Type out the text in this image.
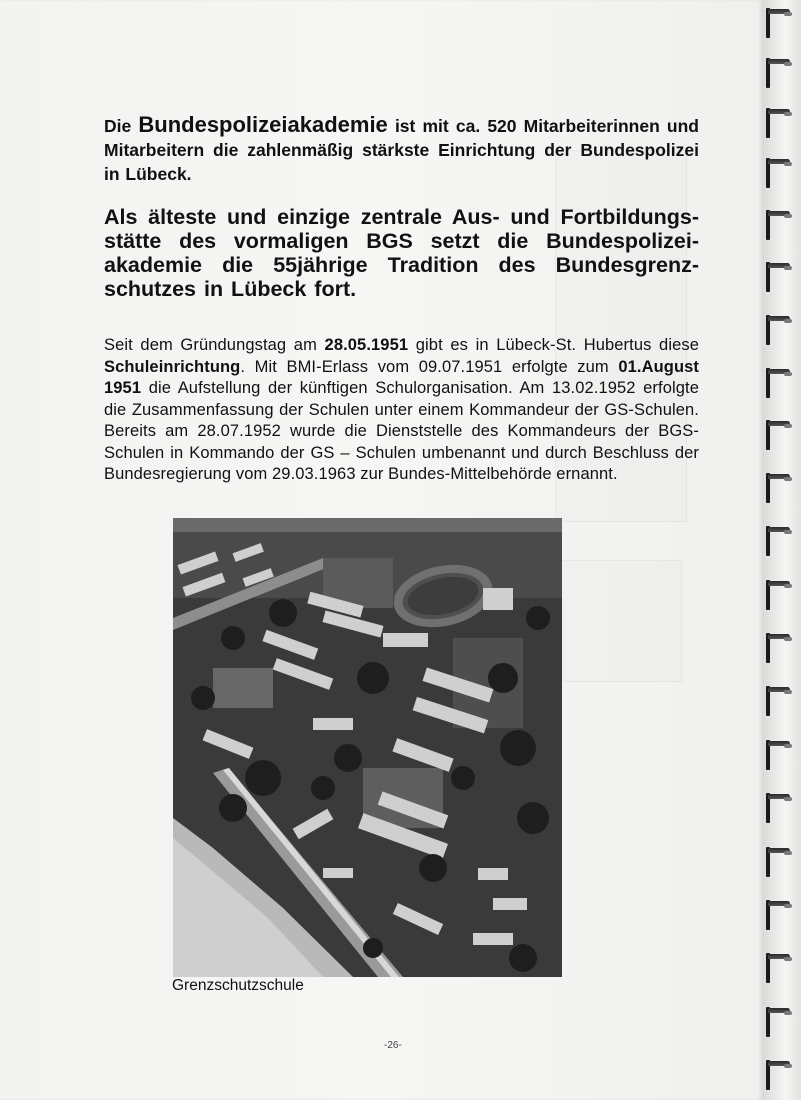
Die Bundespolizeiakademie ist mit ca. 520 Mitarbeiterinnen und Mitarbeitern die zahlenmäßig stärkste Einrichtung der Bundespolizei in Lübeck.

Als älteste und einzige zentrale Aus- und Fortbildungsstätte des vormaligen BGS setzt die Bundespolizeiakademie die 55jährige Tradition des Bundesgrenzschutzes in Lübeck fort.

Seit dem Gründungstag am 28.05.1951 gibt es in Lübeck-St. Hubertus diese Schuleinrichtung. Mit BMI-Erlass vom 09.07.1951 erfolgte zum 01.August 1951 die Aufstellung der künftigen Schulorganisation. Am 13.02.1952 erfolgte die Zusammenfassung der Schulen unter einem Kommandeur der GS-Schulen. Bereits am 28.07.1952 wurde die Dienststelle des Kommandeurs der BGS-Schulen in Kommando der GS – Schulen umbenannt und durch Beschluss der Bundesregierung vom 29.03.1963 zur Bundes-Mittelbehörde ernannt.

Grenzschutzschule

-26-
